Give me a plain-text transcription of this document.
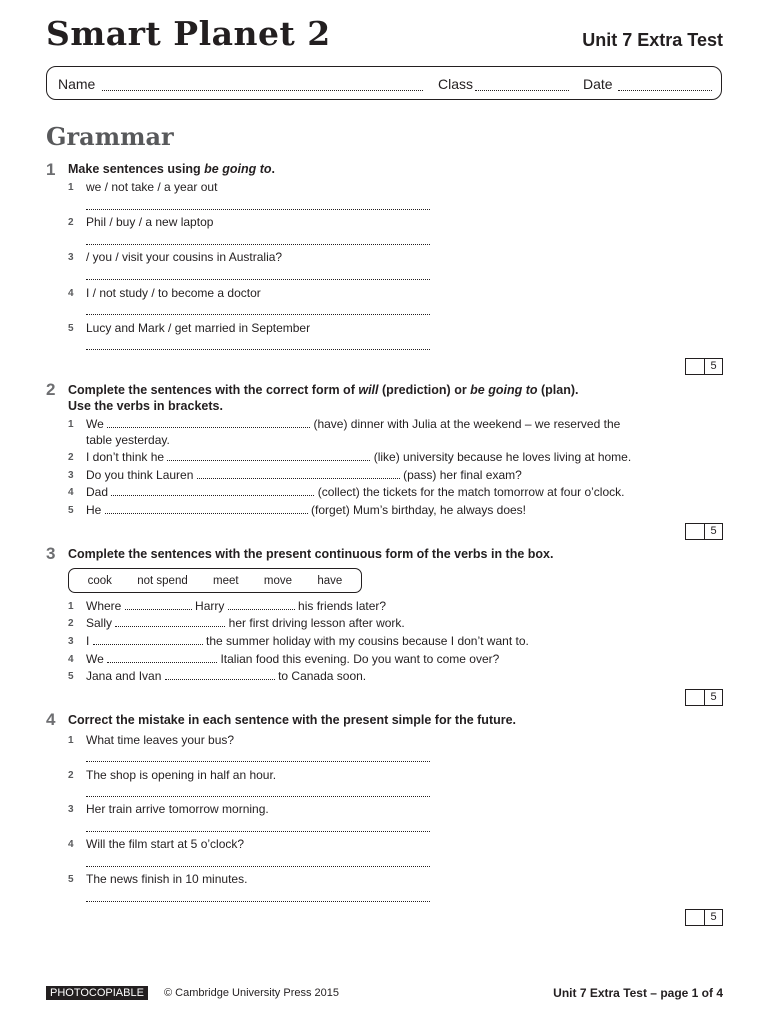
Smart Planet 2	Unit 7 Extra Test
Name	Class	Date
Grammar
1 Make sentences using be going to.
1 we / not take / a year out
2 Phil / buy / a new laptop
3 / you / visit your cousins in Australia?
4 I / not study / to become a doctor
5 Lucy and Mark / get married in September
5
2 Complete the sentences with the correct form of will (prediction) or be going to (plan).
Use the verbs in brackets.
1 We	(have) dinner with Julia at the weekend – we reserved the table yesterday.
2 I don’t think he	(like) university because he loves living at home.
3 Do you think Lauren	(pass) her final exam?
4 Dad	(collect) the tickets for the match tomorrow at four o’clock.
5 He	(forget) Mum’s birthday, he always does!
5
3 Complete the sentences with the present continuous form of the verbs in the box.
cook not spend meet move have
1 Where	Harry	his friends later?
2 Sally	her first driving lesson after work.
3 I	the summer holiday with my cousins because I don’t want to.
4 We	Italian food this evening. Do you want to come over?
5 Jana and Ivan	to Canada soon.
5
4 Correct the mistake in each sentence with the present simple for the future.
1 What time leaves your bus?
2 The shop is opening in half an hour.
3 Her train arrive tomorrow morning.
4 Will the film start at 5 o’clock?
5 The news finish in 10 minutes.
5
PHOTOCOPIABLE	© Cambridge University Press 2015	Unit 7 Extra Test – page 1 of 4
